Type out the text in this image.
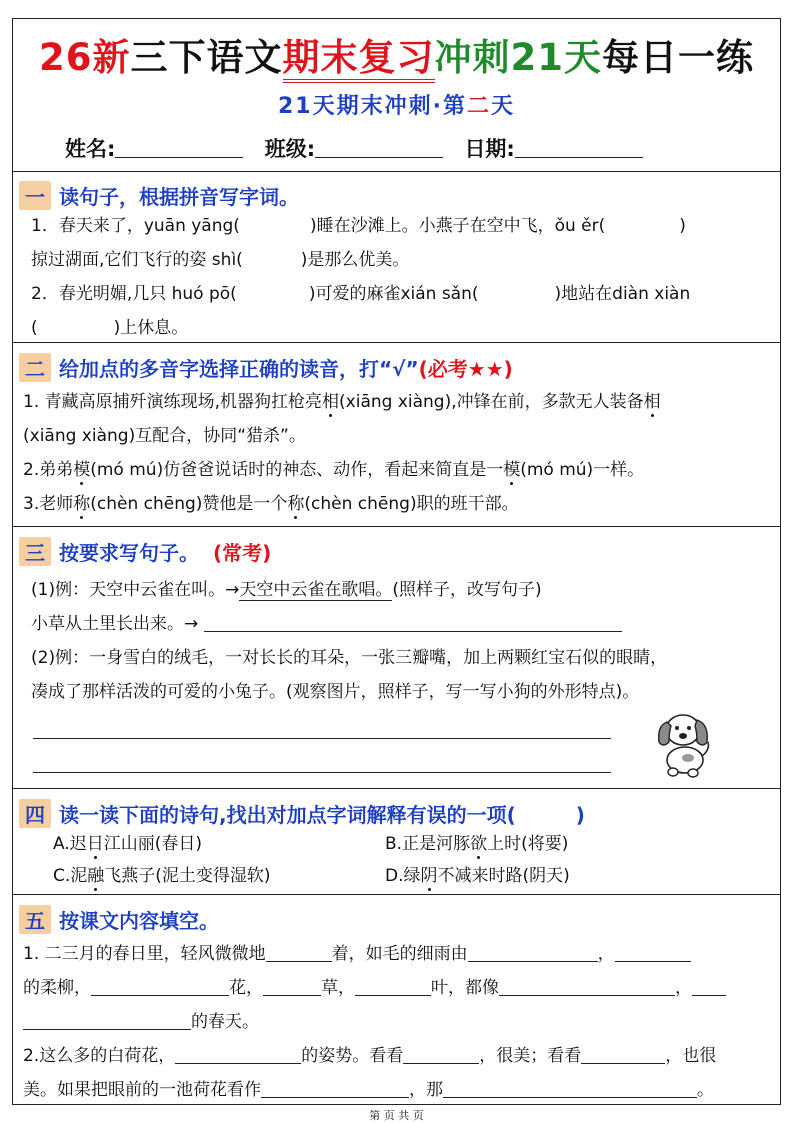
26新三下语文期末复习冲刺21天每日一练
21天期末冲刺·第二天
姓名:	班级:	日期:
一 读句子，根据拼音写字词。
1．春天来了，yuān yāng(	)睡在沙滩上。小燕子在空中飞，ǒu ěr(	)
掠过湖面,它们飞行的姿 shì(	)是那么优美。
2．春光明媚,几只 huó pō(	)可爱的麻雀xián sǎn(	)地站在diàn xiàn
(	)上休息。
二 给加点的多音字选择正确的读音，打“√”(必考★★)
1. 青藏高原捕歼演练现场,机器狗扛枪亮相(xiāng xiàng),冲锋在前，多款无人装备相
(xiāng xiàng)互配合，协同“猎杀”。
2.弟弟模(mó mú)仿爸爸说话时的神态、动作，看起来简直是一模(mó mú)一样。
3.老师称(chèn chēng)赞他是一个称(chèn chēng)职的班干部。
三 按要求写句子。 (常考)
(1)例：天空中云雀在叫。→天空中云雀在歌唱。(照样子，改写句子)
小草从土里长出来。→
(2)例：一身雪白的绒毛，一对长长的耳朵，一张三瓣嘴，加上两颗红宝石似的眼睛，
凑成了那样活泼的可爱的小兔子。(观察图片，照样子，写一写小狗的外形特点)。
四 读一读下面的诗句,找出对加点字词解释有误的一项(	)
A.迟日江山丽(春日)	B.正是河豚欲上时(将要)
C.泥融飞燕子(泥土变得湿软)	D.绿阴不减来时路(阴天)
五 按课文内容填空。
1. 二三月的春日里，轻风微微地	着，如毛的细雨由	，
的柔柳，	花，	草，	叶，都像	，
的春天。
2.这么多的白荷花，	的姿势。看看	，很美；看看	，也很
美。如果把眼前的一池荷花看作	，那	。
第 页 共 页
